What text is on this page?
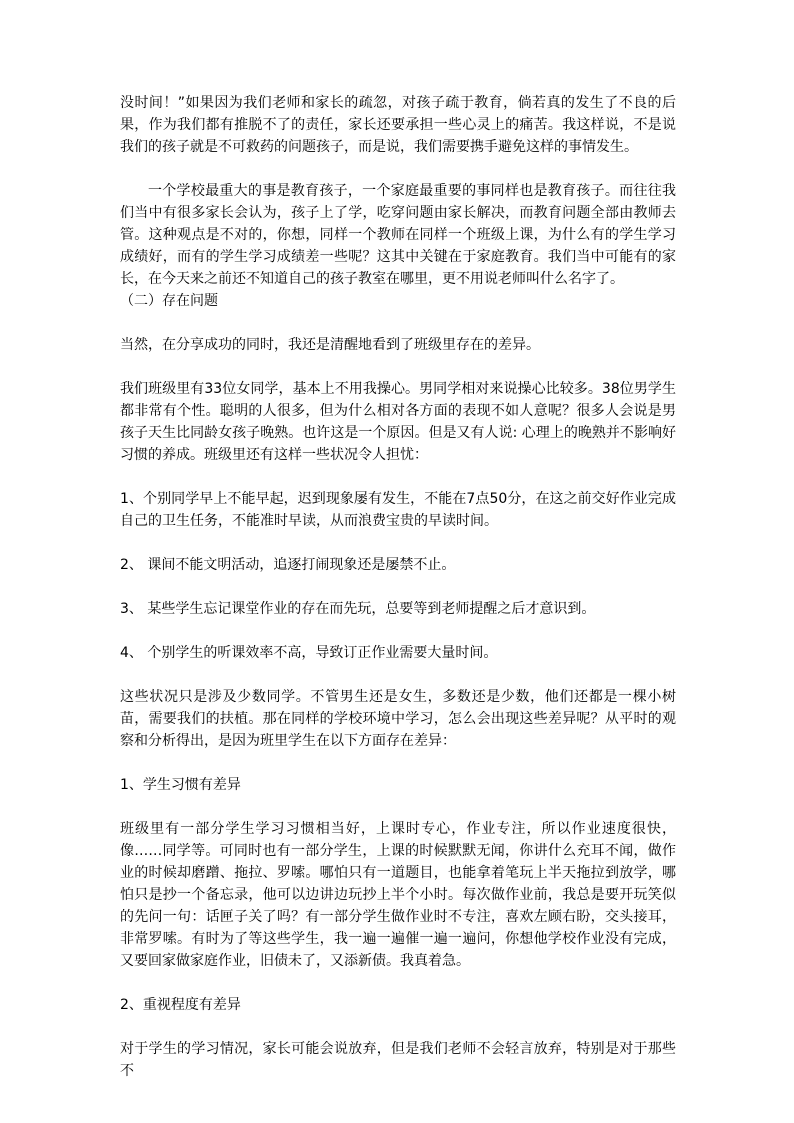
没时间！”如果因为我们老师和家长的疏忽，对孩子疏于教育，倘若真的发生了不良的后果，作为我们都有推脱不了的责任，家长还要承担一些心灵上的痛苦。我这样说，不是说我们的孩子就是不可救药的问题孩子，而是说，我们需要携手避免这样的事情发生。

一个学校最重大的事是教育孩子，一个家庭最重要的事同样也是教育孩子。而往往我们当中有很多家长会认为，孩子上了学，吃穿问题由家长解决，而教育问题全部由教师去管。这种观点是不对的，你想，同样一个教师在同样一个班级上课，为什么有的学生学习成绩好，而有的学生学习成绩差一些呢？这其中关键在于家庭教育。我们当中可能有的家长，在今天来之前还不知道自己的孩子教室在哪里，更不用说老师叫什么名字了。

（二）存在问题

当然，在分享成功的同时，我还是清醒地看到了班级里存在的差异。

我们班级里有33位女同学，基本上不用我操心。男同学相对来说操心比较多。38位男学生都非常有个性。聪明的人很多，但为什么相对各方面的表现不如人意呢？很多人会说是男孩子天生比同龄女孩子晚熟。也许这是一个原因。但是又有人说: 心理上的晚熟并不影响好习惯的养成。班级里还有这样一些状况令人担忧：

1、个别同学早上不能早起，迟到现象屡有发生，不能在7点50分，在这之前交好作业完成自己的卫生任务，不能准时早读，从而浪费宝贵的早读时间。

2、 课间不能文明活动，追逐打闹现象还是屡禁不止。

3、 某些学生忘记课堂作业的存在而先玩，总要等到老师提醒之后才意识到。

4、 个别学生的听课效率不高，导致订正作业需要大量时间。

这些状况只是涉及少数同学。不管男生还是女生，多数还是少数，他们还都是一棵小树苗，需要我们的扶植。那在同样的学校环境中学习，怎么会出现这些差异呢？从平时的观察和分析得出，是因为班里学生在以下方面存在差异：

1、学生习惯有差异

班级里有一部分学生学习习惯相当好，上课时专心，作业专注，所以作业速度很快，像……同学等。可同时也有一部分学生，上课的时候默默无闻，你讲什么充耳不闻，做作业的时候却磨蹭、拖拉、罗嗦。哪怕只有一道题目，也能拿着笔玩上半天拖拉到放学，哪怕只是抄一个备忘录，他可以边讲边玩抄上半个小时。每次做作业前，我总是要开玩笑似的先问一句：话匣子关了吗？有一部分学生做作业时不专注，喜欢左顾右盼，交头接耳，非常罗嗦。有时为了等这些学生，我一遍一遍催一遍一遍问，你想他学校作业没有完成，又要回家做家庭作业，旧债未了，又添新债。我真着急。

2、重视程度有差异

对于学生的学习情况，家长可能会说放弃，但是我们老师不会轻言放弃，特别是对于那些不
